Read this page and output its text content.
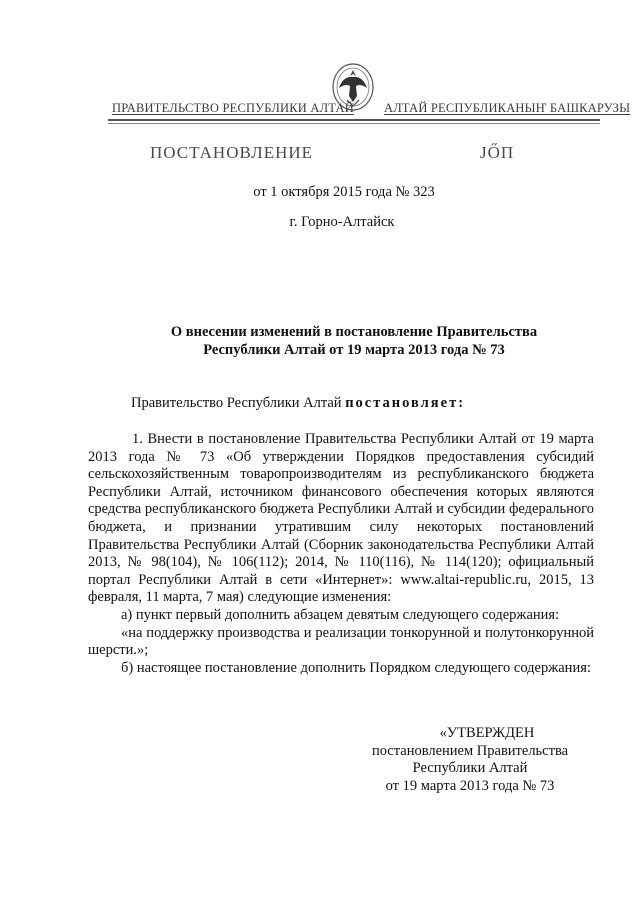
ПРАВИТЕЛЬСТВО РЕСПУБЛИКИ АЛТАЙ АЛТАЙ РЕСПУБЛИКАНЫҤ БАШКАРУЗЫ
ПОСТАНОВЛЕНИЕ	JŐП
от 1 октября 2015 года № 323
г. Горно-Алтайск
О внесении изменений в постановление Правительства
Республики Алтай от 19 марта 2013 года № 73
Правительство Республики Алтай постановляет:

1. Внести в постановление Правительства Республики Алтай от 19 марта 2013 года № 73 «Об утверждении Порядков предоставления субсидий сельскохозяйственным товаропроизводителям из республиканского бюджета Республики Алтай, источником финансового обеспечения которых являются средства республиканского бюджета Республики Алтай и субсидии федерального бюджета, и признании утратившим силу некоторых постановлений Правительства Республики Алтай (Сборник законодательства Республики Алтай 2013, № 98(104), № 106(112); 2014, № 110(116), № 114(120); официальный портал Республики Алтай в сети «Интернет»: www.altai-republic.ru, 2015, 13 февраля, 11 марта, 7 мая) следующие изменения:

а) пункт первый дополнить абзацем девятым следующего содержания:

«на поддержку производства и реализации тонкорунной и полутонкорунной шерсти.»;

б) настоящее постановление дополнить Порядком следующего содержания:

«УТВЕРЖДЕН
постановлением Правительства
Республики Алтай
от 19 марта 2013 года № 73
